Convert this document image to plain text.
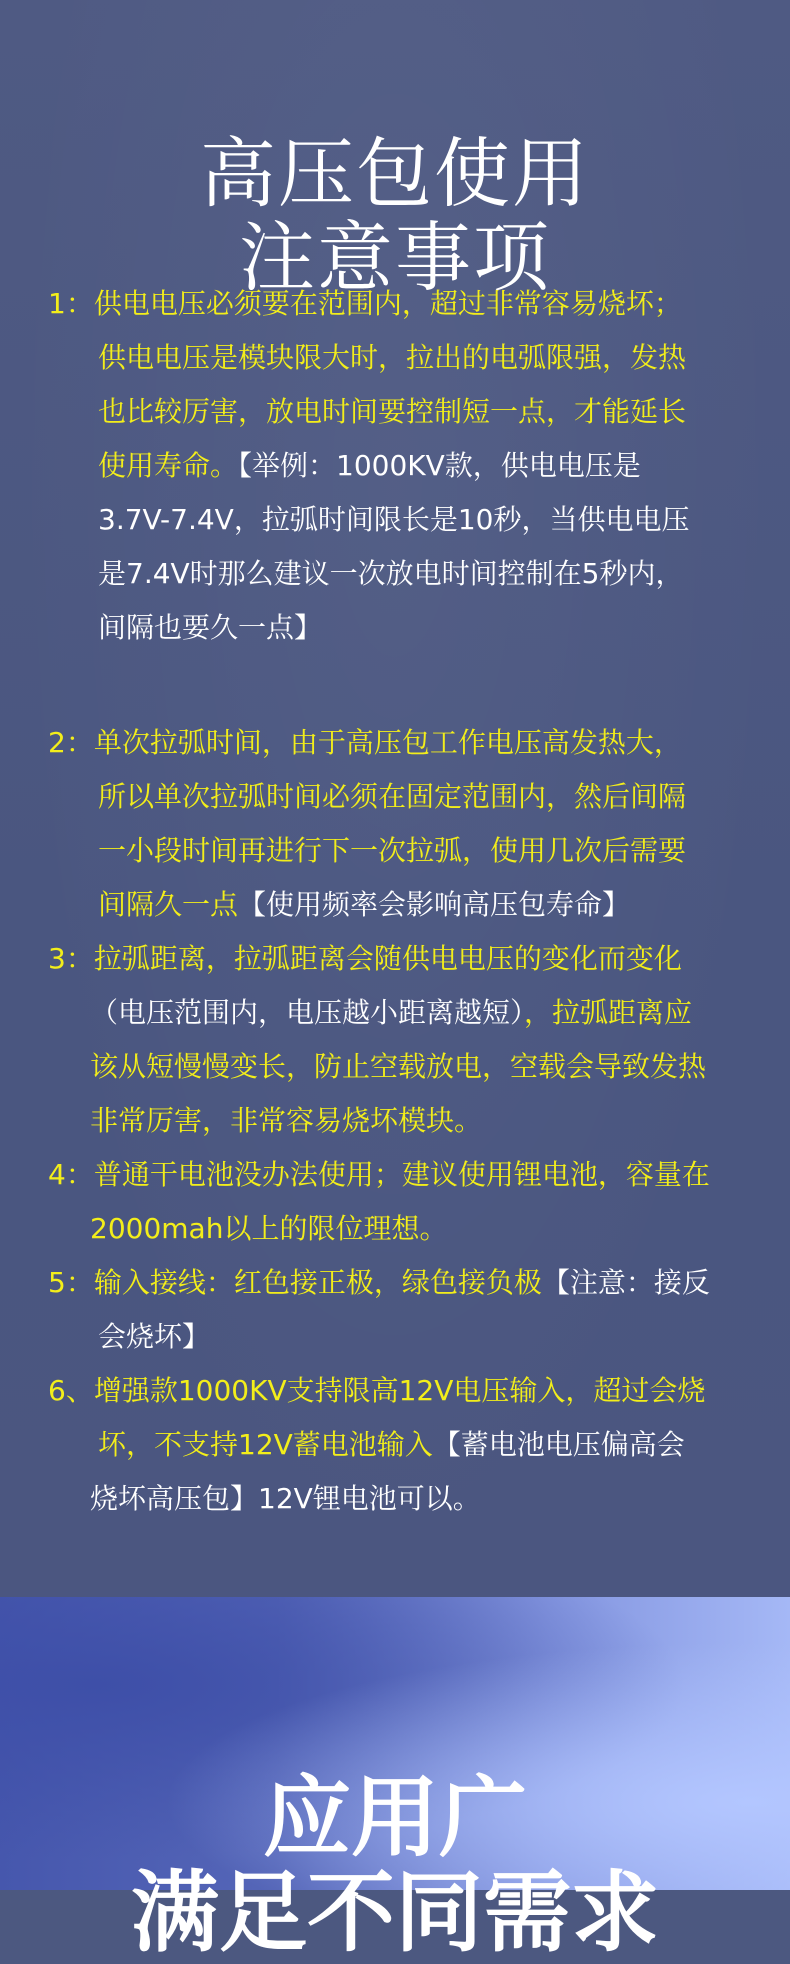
高压包使用
注意事项
1：供电电压必须要在范围内，超过非常容易烧坏；
供电电压是模块限大时，拉出的电弧限强，发热
也比较厉害，放电时间要控制短一点，才能延长
使用寿命。【举例：1000KV款，供电电压是
3.7V-7.4V，拉弧时间限长是10秒，当供电电压
是7.4V时那么建议一次放电时间控制在5秒内，
间隔也要久一点】
2：单次拉弧时间，由于高压包工作电压高发热大，
所以单次拉弧时间必须在固定范围内，然后间隔
一小段时间再进行下一次拉弧，使用几次后需要
间隔久一点【使用频率会影响高压包寿命】
3：拉弧距离，拉弧距离会随供电电压的变化而变化
（电压范围内，电压越小距离越短），拉弧距离应
该从短慢慢变长，防止空载放电，空载会导致发热
非常厉害，非常容易烧坏模块。
4：普通干电池没办法使用；建议使用锂电池，容量在
2000mah以上的限位理想。
5：输入接线：红色接正极，绿色接负极【注意：接反
会烧坏】
6、增强款1000KV支持限高12V电压输入，超过会烧
坏，不支持12V蓄电池输入【蓄电池电压偏高会
烧坏高压包】12V锂电池可以。
应用广
满足不同需求
